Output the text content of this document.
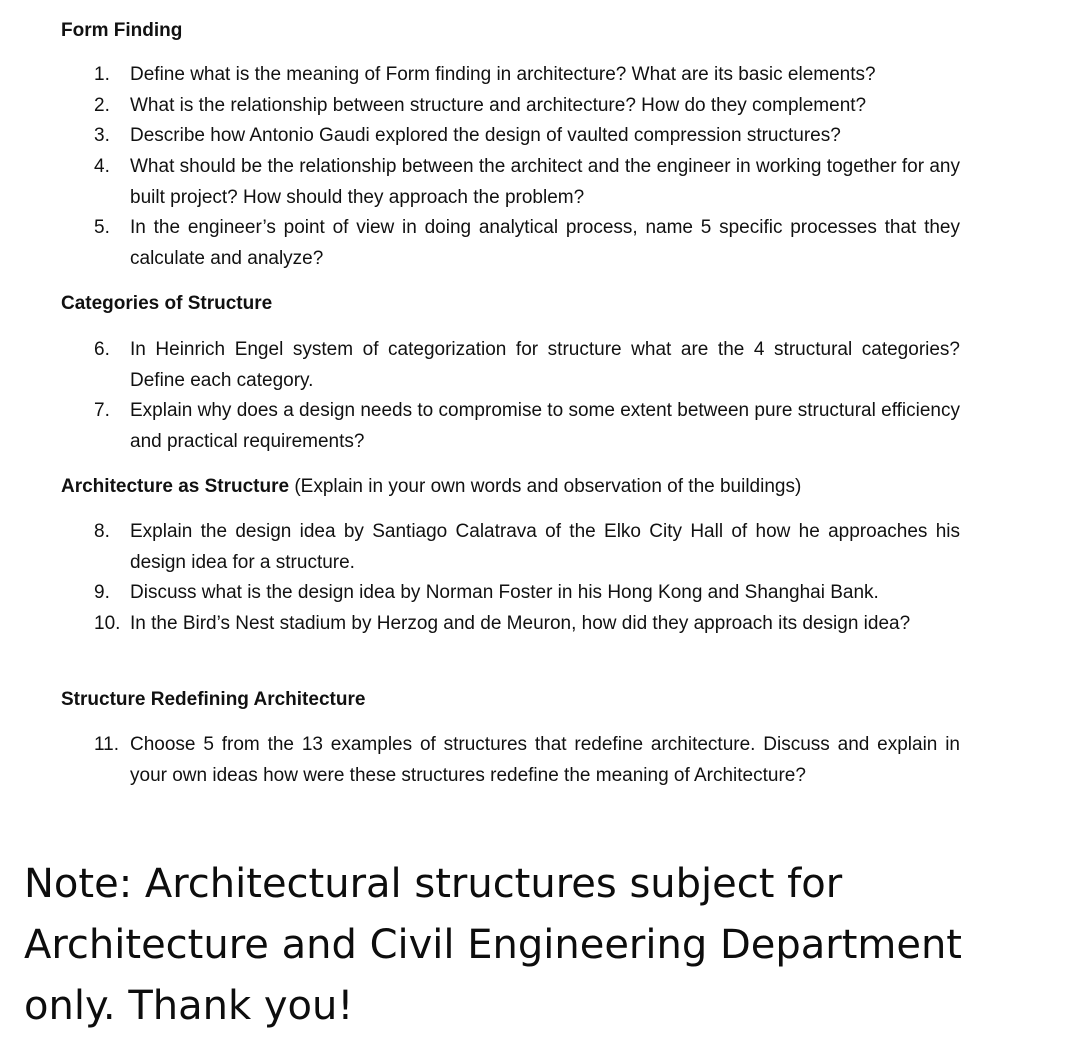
Form Finding
1.	Define what is the meaning of Form finding in architecture? What are its basic elements?
2.	What is the relationship between structure and architecture? How do they complement?
3.	Describe how Antonio Gaudi explored the design of vaulted compression structures?
4.	What should be the relationship between the architect and the engineer in working together for any built project? How should they approach the problem?
5.	In the engineer’s point of view in doing analytical process, name 5 specific processes that they calculate and analyze?
Categories of Structure
6.	In Heinrich Engel system of categorization for structure what are the 4 structural categories? Define each category.
7.	Explain why does a design needs to compromise to some extent between pure structural efficiency and practical requirements?
Architecture as Structure (Explain in your own words and observation of the buildings)
8.	Explain the design idea by Santiago Calatrava of the Elko City Hall of how he approaches his design idea for a structure.
9.	Discuss what is the design idea by Norman Foster in his Hong Kong and Shanghai Bank.
10. In the Bird’s Nest stadium by Herzog and de Meuron, how did they approach its design idea?
Structure Redefining Architecture
11. Choose 5 from the 13 examples of structures that redefine architecture. Discuss and explain in your own ideas how were these structures redefine the meaning of Architecture?
Note: Architectural structures subject for Architecture and Civil Engineering Department only. Thank you!
